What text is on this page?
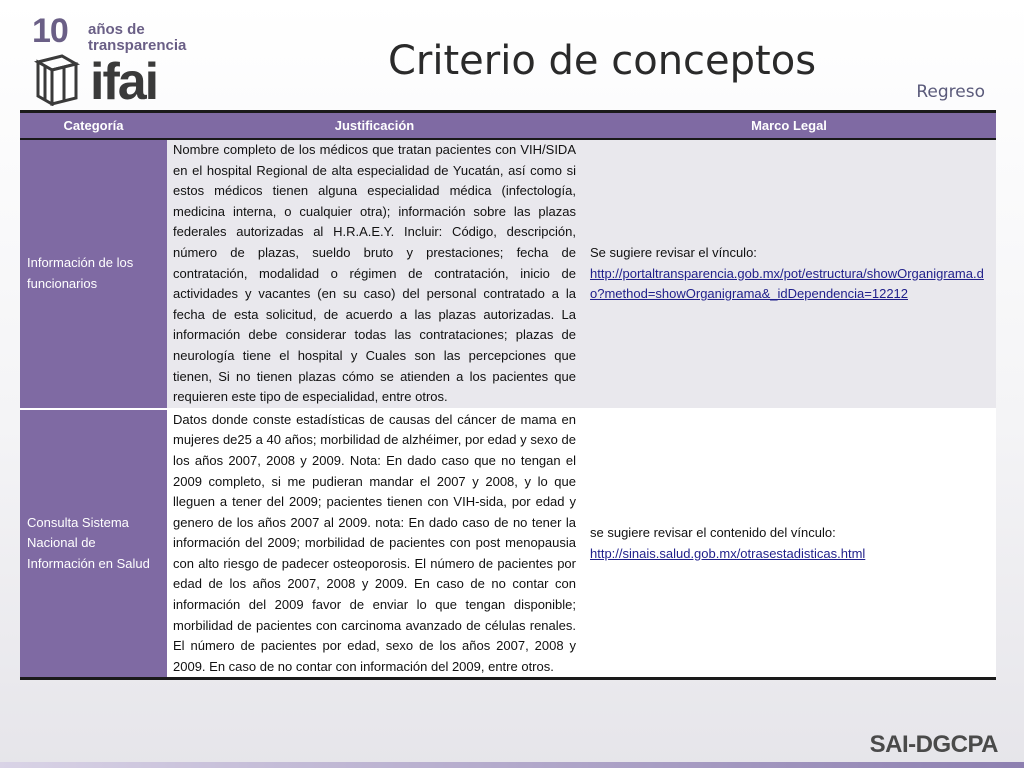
10 años de
transparencia
ifai	Criterio de conceptos
Regreso
Categoría	Justificación	Marco Legal
Información de los funcionarios	Nombre completo de los médicos que tratan pacientes con VIH/SIDA en el hospital Regional de alta especialidad de Yucatán, así como si estos médicos tienen alguna especialidad médica (infectología, medicina interna, o cualquier otra); información sobre las plazas federales autorizadas al H.R.A.E.Y. Incluir: Código, descripción, número de plazas, sueldo bruto y prestaciones; fecha de contratación, modalidad o régimen de contratación, inicio de actividades y vacantes (en su caso) del personal contratado a la fecha de esta solicitud, de acuerdo a las plazas autorizadas. La información debe considerar todas las contrataciones; plazas de neurología tiene el hospital y Cuales son las percepciones que tienen, Si no tienen plazas cómo se atienden a los pacientes que requieren este tipo de especialidad, entre otros.	Se sugiere revisar el vínculo:
http://portaltransparencia.gob.mx/pot/estructura/showOrganigrama.do?method=showOrganigrama&_idDependencia=12212
Consulta Sistema Nacional de Información en Salud	Datos donde conste estadísticas de causas del cáncer de mama en mujeres de25 a 40 años; morbilidad de alzhéimer, por edad y sexo de los años 2007, 2008 y 2009. Nota: En dado caso que no tengan el 2009 completo, si me pudieran mandar el 2007 y 2008, y lo que lleguen a tener del 2009; pacientes tienen con VIH-sida, por edad y genero de los años 2007 al 2009. nota: En dado caso de no tener la información del 2009; morbilidad de pacientes con post menopausia con alto riesgo de padecer osteoporosis. El número de pacientes por edad de los años 2007, 2008 y 2009. En caso de no contar con información del 2009 favor de enviar lo que tengan disponible; morbilidad de pacientes con carcinoma avanzado de células renales. El número de pacientes por edad, sexo de los años 2007, 2008 y 2009. En caso de no contar con información del 2009, entre otros.	se sugiere revisar el contenido del vínculo:
http://sinais.salud.gob.mx/otrasestadisticas.html
SAI-DGCPA
